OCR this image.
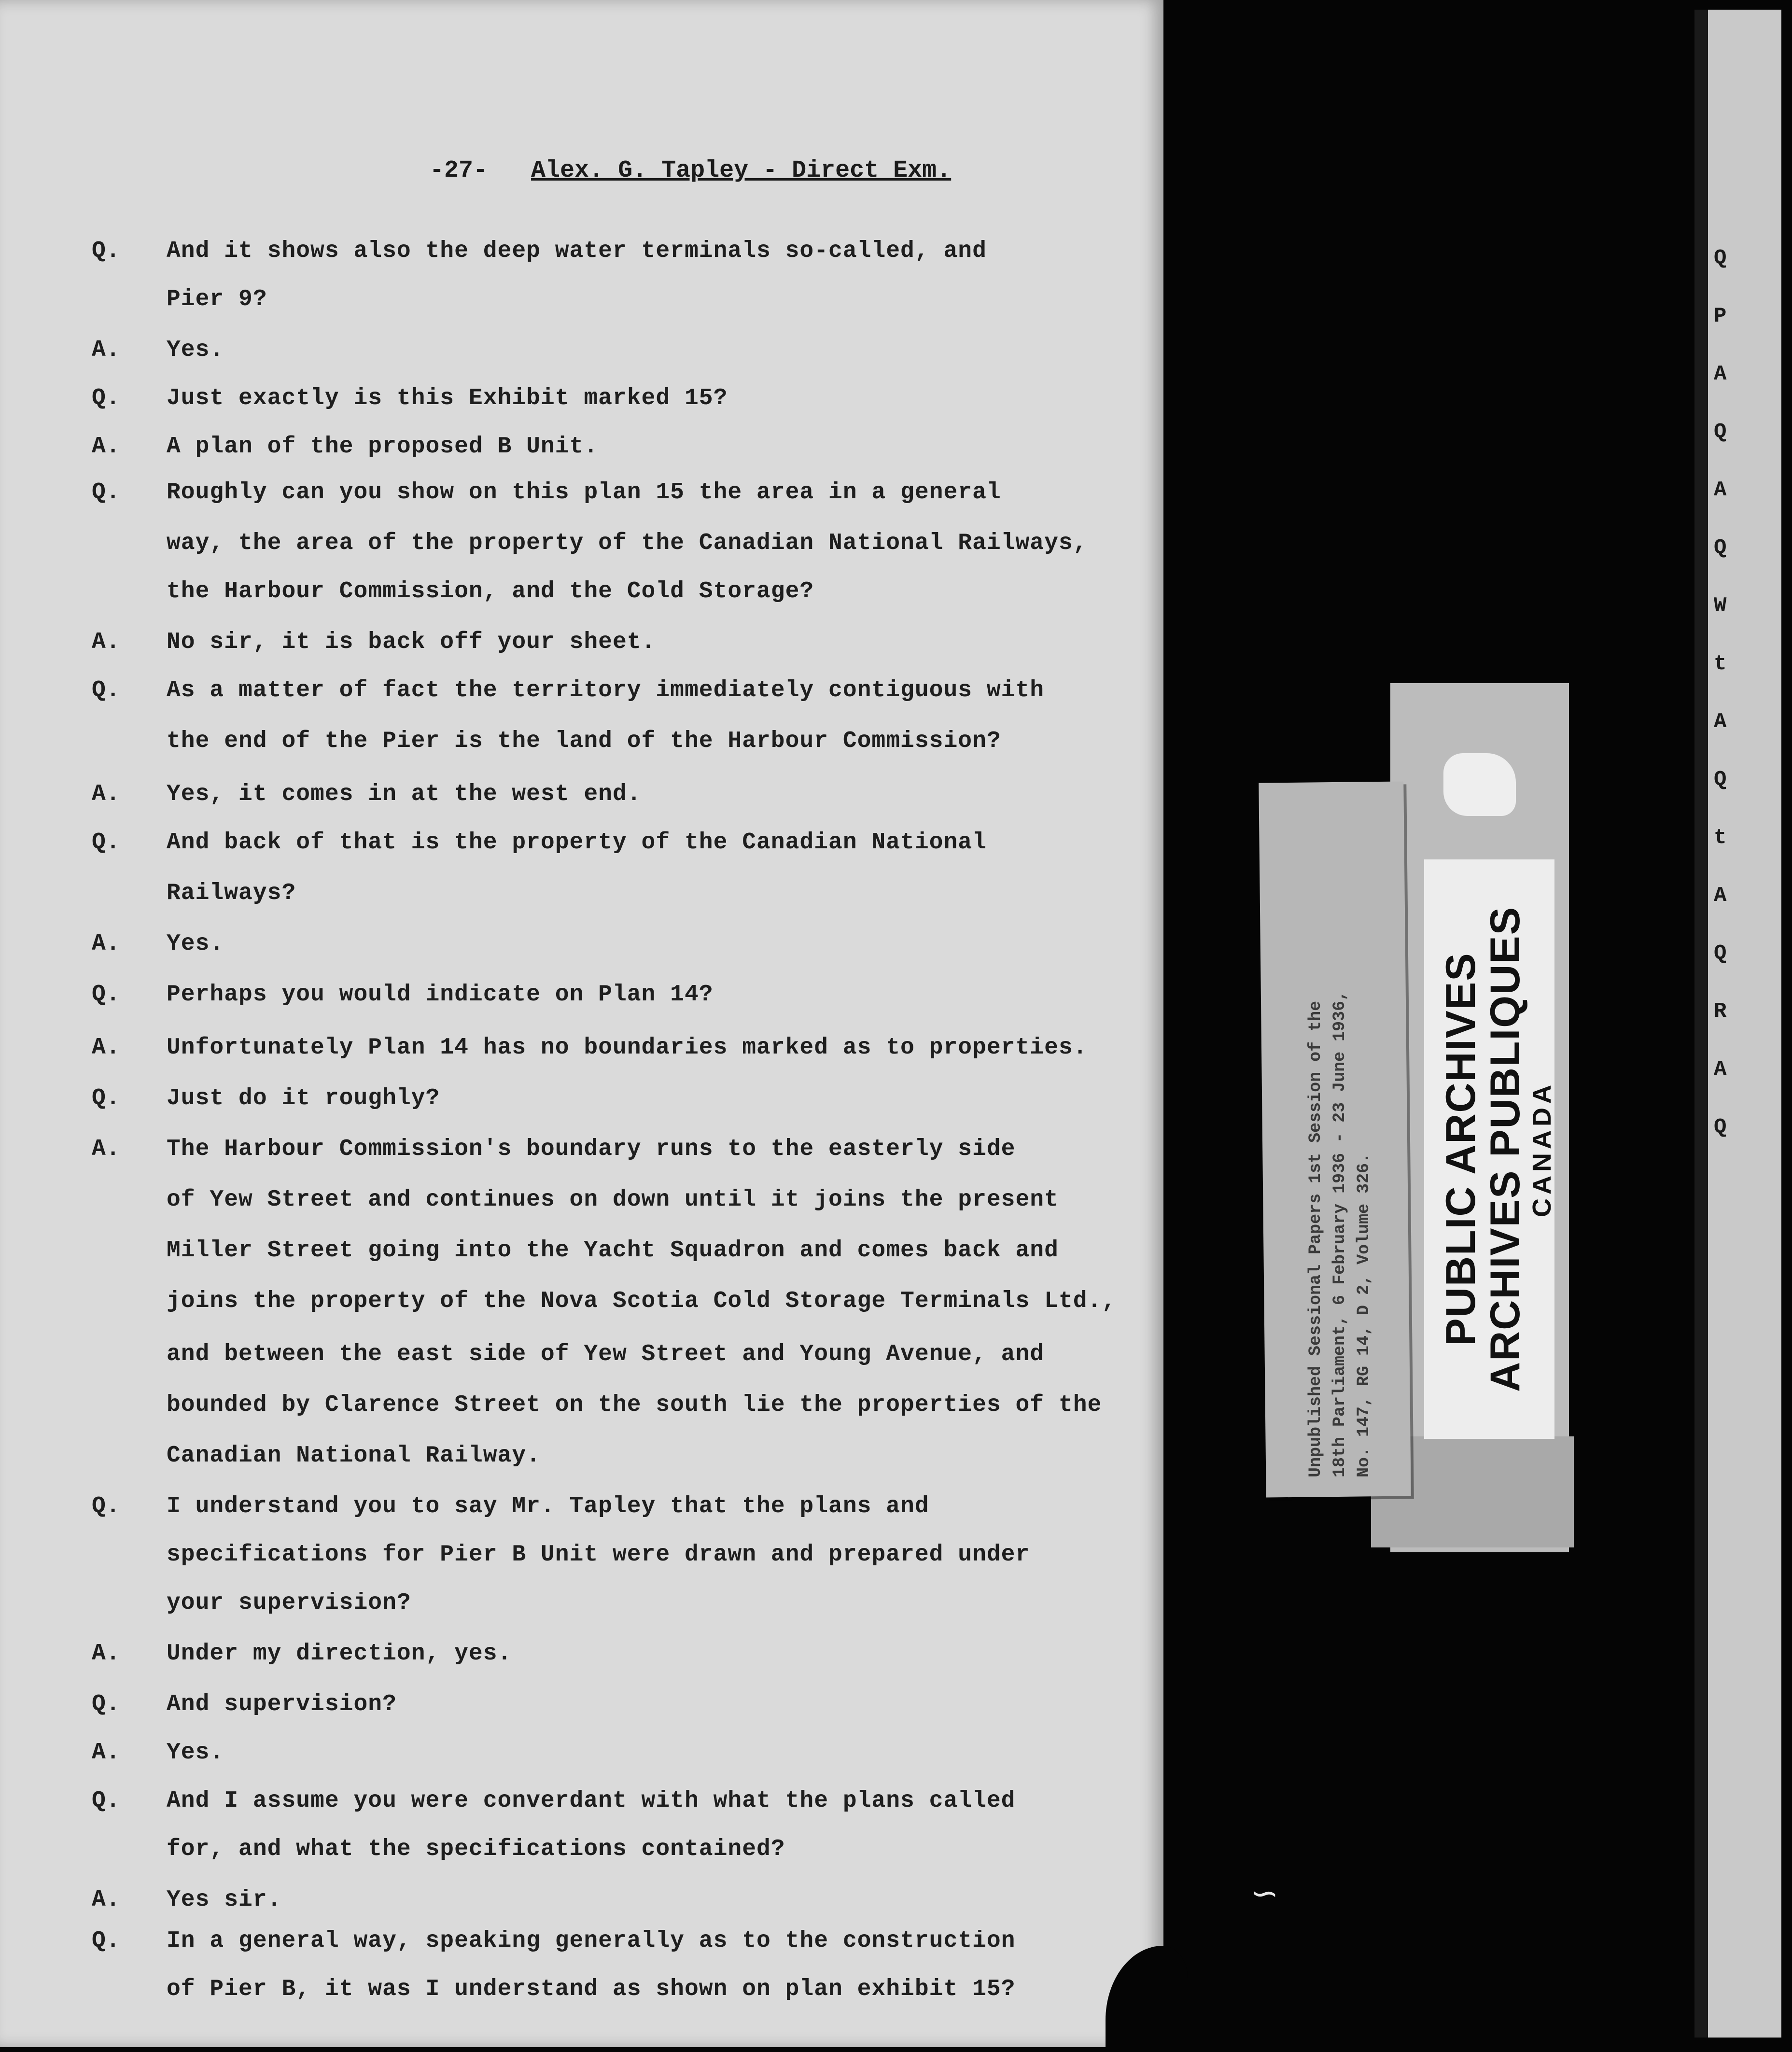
-27- Alex. G. Tapley - Direct Exm.
Q. And it shows also the deep water terminals so-called, and
Pier 9?
A. Yes.
Q. Just exactly is this Exhibit marked 15?
A. A plan of the proposed B Unit.
Q. Roughly can you show on this plan 15 the area in a general
way, the area of the property of the Canadian National Railways,
the Harbour Commission, and the Cold Storage?
A. No sir, it is back off your sheet.
Q. As a matter of fact the territory immediately contiguous with
the end of the Pier is the land of the Harbour Commission?
A. Yes, it comes in at the west end.
Q. And back of that is the property of the Canadian National
Railways?
A. Yes.
Q. Perhaps you would indicate on Plan 14?
A. Unfortunately Plan 14 has no boundaries marked as to properties.
Q. Just do it roughly?
A. The Harbour Commission's boundary runs to the easterly side
of Yew Street and continues on down until it joins the present
Miller Street going into the Yacht Squadron and comes back and
joins the property of the Nova Scotia Cold Storage Terminals Ltd.,
and between the east side of Yew Street and Young Avenue, and
bounded by Clarence Street on the south lie the properties of the
Canadian National Railway.
Q. I understand you to say Mr. Tapley that the plans and
specifications for Pier B Unit were drawn and prepared under
your supervision?
A. Under my direction, yes.
Q. And supervision?
A. Yes.
Q. And I assume you were converdant with what the plans called
for, and what the specifications contained?
A. Yes sir.
Q. In a general way, speaking generally as to the construction
of Pier B, it was I understand as shown on plan exhibit 15?
Q
P
A
Q
A
Q
W
t
A
Q
t
A
Q
R
A
Q
Unpublished Sessional Papers 1st Session of the 18th Parliament, 6 February 1936 - 23 June 1936, No. 147, RG 14, D 2, Volume 326. PUBLIC ARCHIVES
ARCHIVES PUBLIQUES
CANADA
∽
